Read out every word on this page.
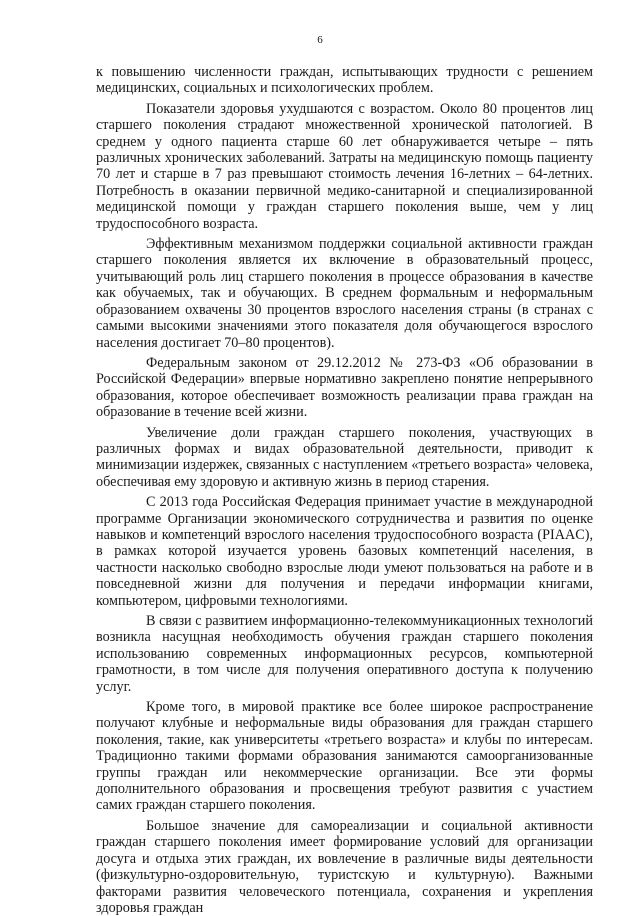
6

к повышению численности граждан, испытывающих трудности с решением медицинских, социальных и психологических проблем.

Показатели здоровья ухудшаются с возрастом. Около 80 процентов лиц старшего поколения страдают множественной хронической патологией. В среднем у одного пациента старше 60 лет обнаруживается четыре – пять различных хронических заболеваний. Затраты на медицинскую помощь пациенту 70 лет и старше в 7 раз превышают стоимость лечения 16-летних – 64-летних. Потребность в оказании первичной медико-санитарной и специализированной медицинской помощи у граждан старшего поколения выше, чем у лиц трудоспособного возраста.

Эффективным механизмом поддержки социальной активности граждан старшего поколения является их включение в образовательный процесс, учитывающий роль лиц старшего поколения в процессе образования в качестве как обучаемых, так и обучающих. В среднем формальным и неформальным образованием охвачены 30 процентов взрослого населения страны (в странах с самыми высокими значениями этого показателя доля обучающегося взрослого населения достигает 70–80 процентов).

Федеральным законом от 29.12.2012 № 273-ФЗ «Об образовании в Российской Федерации» впервые нормативно закреплено понятие непрерывного образования, которое обеспечивает возможность реализации права граждан на образование в течение всей жизни.

Увеличение доли граждан старшего поколения, участвующих в различных формах и видах образовательной деятельности, приводит к минимизации издержек, связанных с наступлением «третьего возраста» человека, обеспечивая ему здоровую и активную жизнь в период старения.

С 2013 года Российская Федерация принимает участие в международной программе Организации экономического сотрудничества и развития по оценке навыков и компетенций взрослого населения трудоспособного возраста (PIAAC), в рамках которой изучается уровень базовых компетенций населения, в частности насколько свободно взрослые люди умеют пользоваться на работе и в повседневной жизни для получения и передачи информации книгами, компьютером, цифровыми технологиями.

В связи с развитием информационно-телекоммуникационных технологий возникла насущная необходимость обучения граждан старшего поколения использованию современных информационных ресурсов, компьютерной грамотности, в том числе для получения оперативного доступа к получению услуг.

Кроме того, в мировой практике все более широкое распространение получают клубные и неформальные виды образования для граждан старшего поколения, такие, как университеты «третьего возраста» и клубы по интересам. Традиционно такими формами образования занимаются самоорганизованные группы граждан или некоммерческие организации. Все эти формы дополнительного образования и просвещения требуют развития с участием самих граждан старшего поколения.

Большое значение для самореализации и социальной активности граждан старшего поколения имеет формирование условий для организации досуга и отдыха этих граждан, их вовлечение в различные виды деятельности (физкультурно-оздоровительную, туристскую и культурную). Важными факторами развития человеческого потенциала, сохранения и укрепления здоровья граждан
